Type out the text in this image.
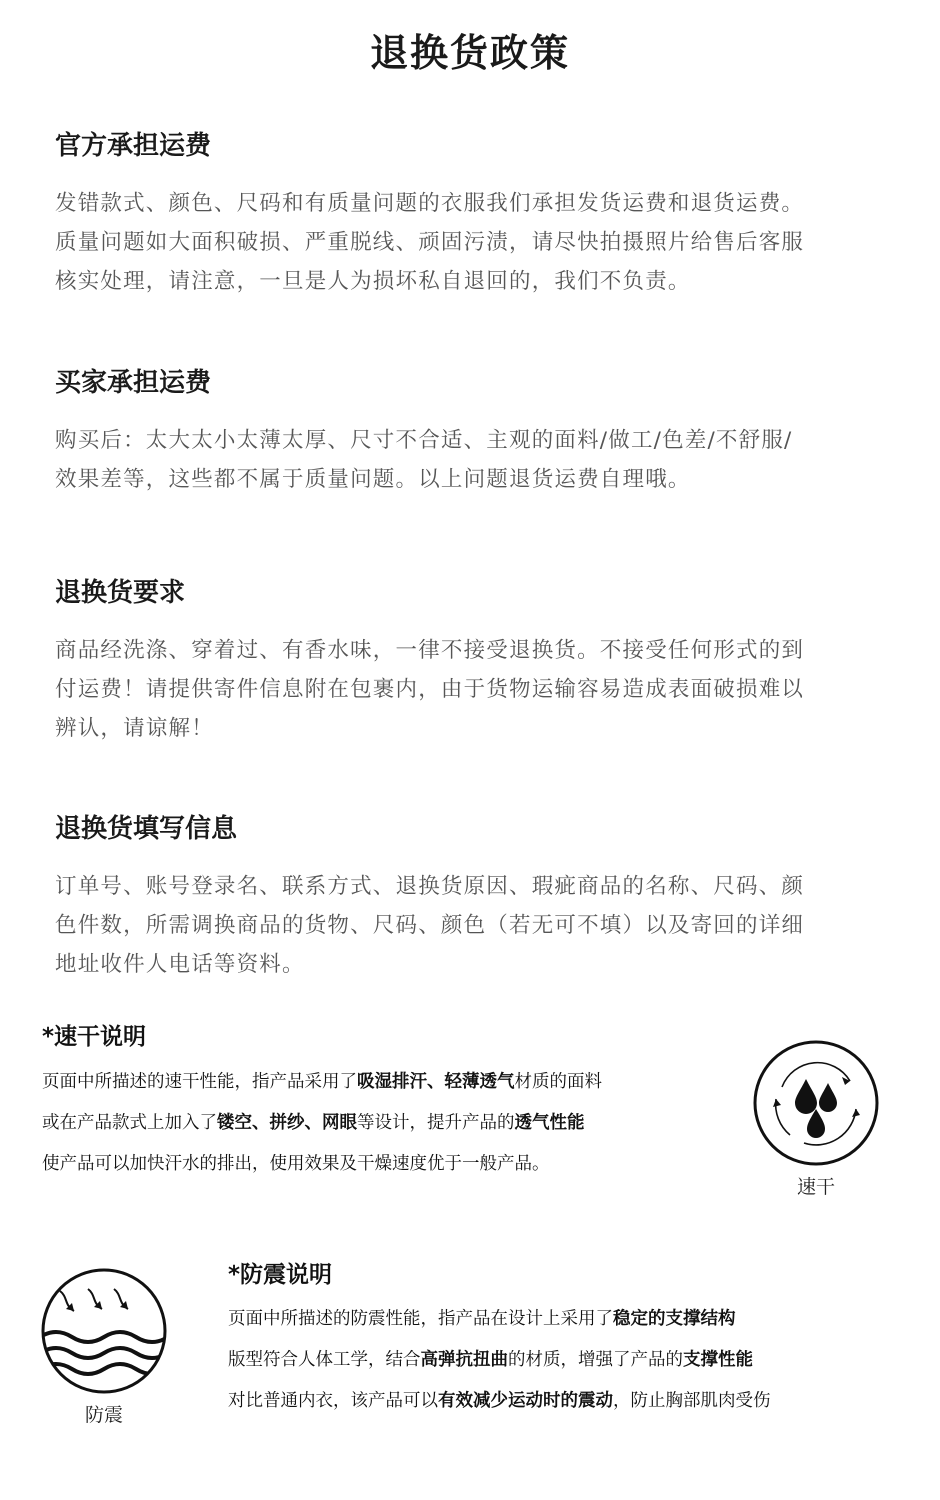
退换货政策
官方承担运费

发错款式、颜色、尺码和有质量问题的衣服我们承担发货运费和退货运费。
质量问题如大面积破损、严重脱线、顽固污渍，请尽快拍摄照片给售后客服
核实处理，请注意，一旦是人为损坏私自退回的，我们不负责。

买家承担运费

购买后：太大太小太薄太厚、尺寸不合适、主观的面料/做工/色差/不舒服/
效果差等，这些都不属于质量问题。以上问题退货运费自理哦。

退换货要求

商品经洗涤、穿着过、有香水味，一律不接受退换货。不接受任何形式的到
付运费！请提供寄件信息附在包裹内，由于货物运输容易造成表面破损难以
辨认，请谅解！

退换货填写信息

订单号、账号登录名、联系方式、退换货原因、瑕疵商品的名称、尺码、颜
色件数，所需调换商品的货物、尺码、颜色（若无可不填）以及寄回的详细
地址收件人电话等资料。

*速干说明
页面中所描述的速干性能，指产品采用了吸湿排汗、轻薄透气材质的面料
或在产品款式上加入了镂空、拼纱、网眼等设计，提升产品的透气性能
使产品可以加快汗水的排出，使用效果及干燥速度优于一般产品。
速干
*防震说明
页面中所描述的防震性能，指产品在设计上采用了稳定的支撑结构
版型符合人体工学，结合高弹抗扭曲的材质，增强了产品的支撑性能
对比普通内衣，该产品可以有效减少运动时的震动，防止胸部肌肉受伤
防震
